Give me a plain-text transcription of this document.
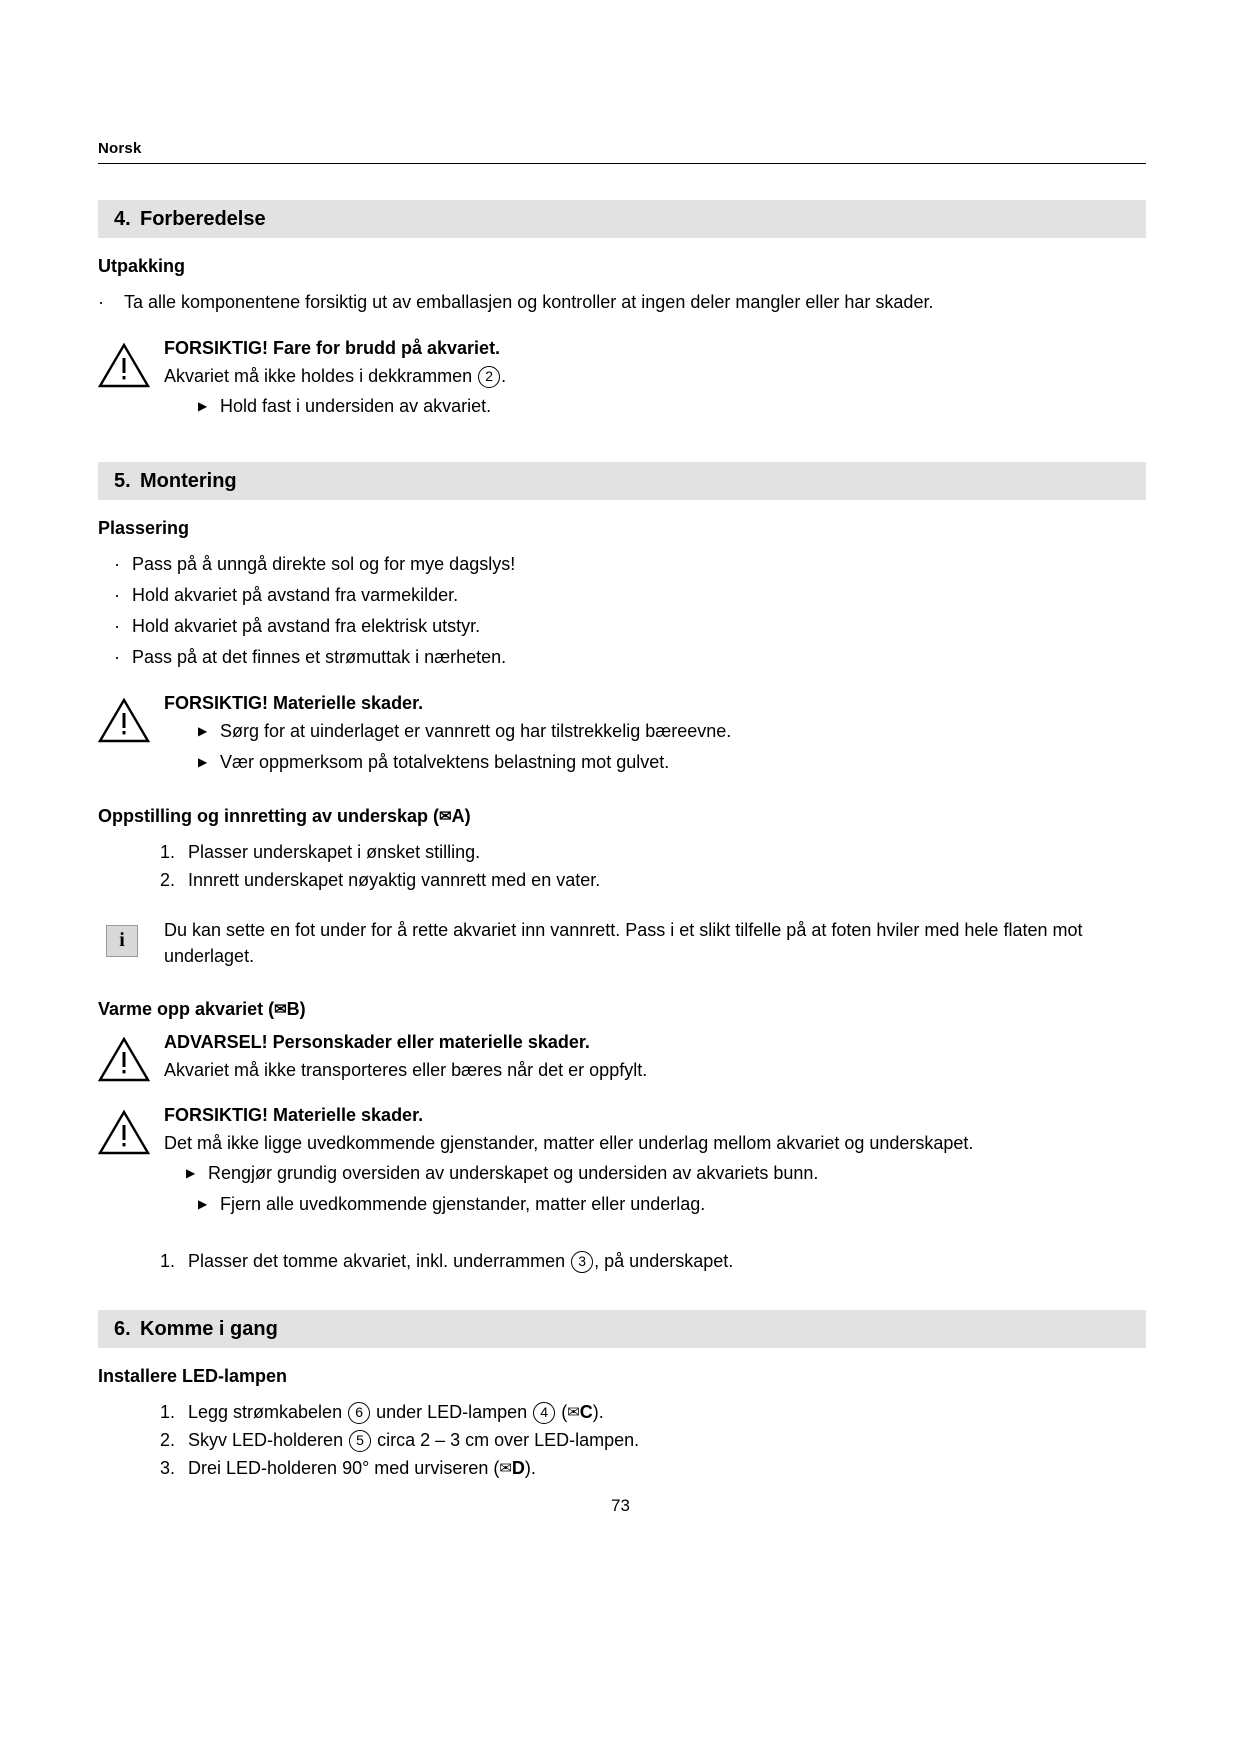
Norsk
4. Forberedelse
Utpakking
·	Ta alle komponentene forsiktig ut av emballasjen og kontroller at ingen deler mangler eller har skader.
FORSIKTIG! Fare for brudd på akvariet.
Akvariet må ikke holdes i dekkrammen 2 .
▶ Hold fast i undersiden av akvariet.
5. Montering
Plassering
· Pass på å unngå direkte sol og for mye dagslys!
· Hold akvariet på avstand fra varmekilder.
· Hold akvariet på avstand fra elektrisk utstyr.
· Pass på at det finnes et strømuttak i nærheten.
FORSIKTIG! Materielle skader.
▶ Sørg for at uinderlaget er vannrett og har tilstrekkelig bæreevne.
▶ Vær oppmerksom på totalvektens belastning mot gulvet.
Oppstilling og innretting av underskap (✉A)
1. Plasser underskapet i ønsket stilling.
2. Innrett underskapet nøyaktig vannrett med en vater.
i	Du kan sette en fot under for å rette akvariet inn vannrett. Pass i et slikt tilfelle på at foten hviler med hele flaten mot underlaget.
Varme opp akvariet (✉B)
ADVARSEL! Personskader eller materielle skader.
Akvariet må ikke transporteres eller bæres når det er oppfylt.
FORSIKTIG! Materielle skader.
Det må ikke ligge uvedkommende gjenstander, matter eller underlag mellom akvariet og underskapet.
▶ Rengjør grundig oversiden av underskapet og undersiden av akvariets bunn.
▶ Fjern alle uvedkommende gjenstander, matter eller underlag.
1. Plasser det tomme akvariet, inkl. underrammen 3 , på underskapet.
6. Komme i gang
Installere LED-lampen
1. Legg strømkabelen 6 under LED-lampen 4 (✉C).
2. Skyv LED-holderen 5 circa 2 – 3 cm over LED-lampen.
3. Drei LED-holderen 90° med urviseren (✉D).
73
